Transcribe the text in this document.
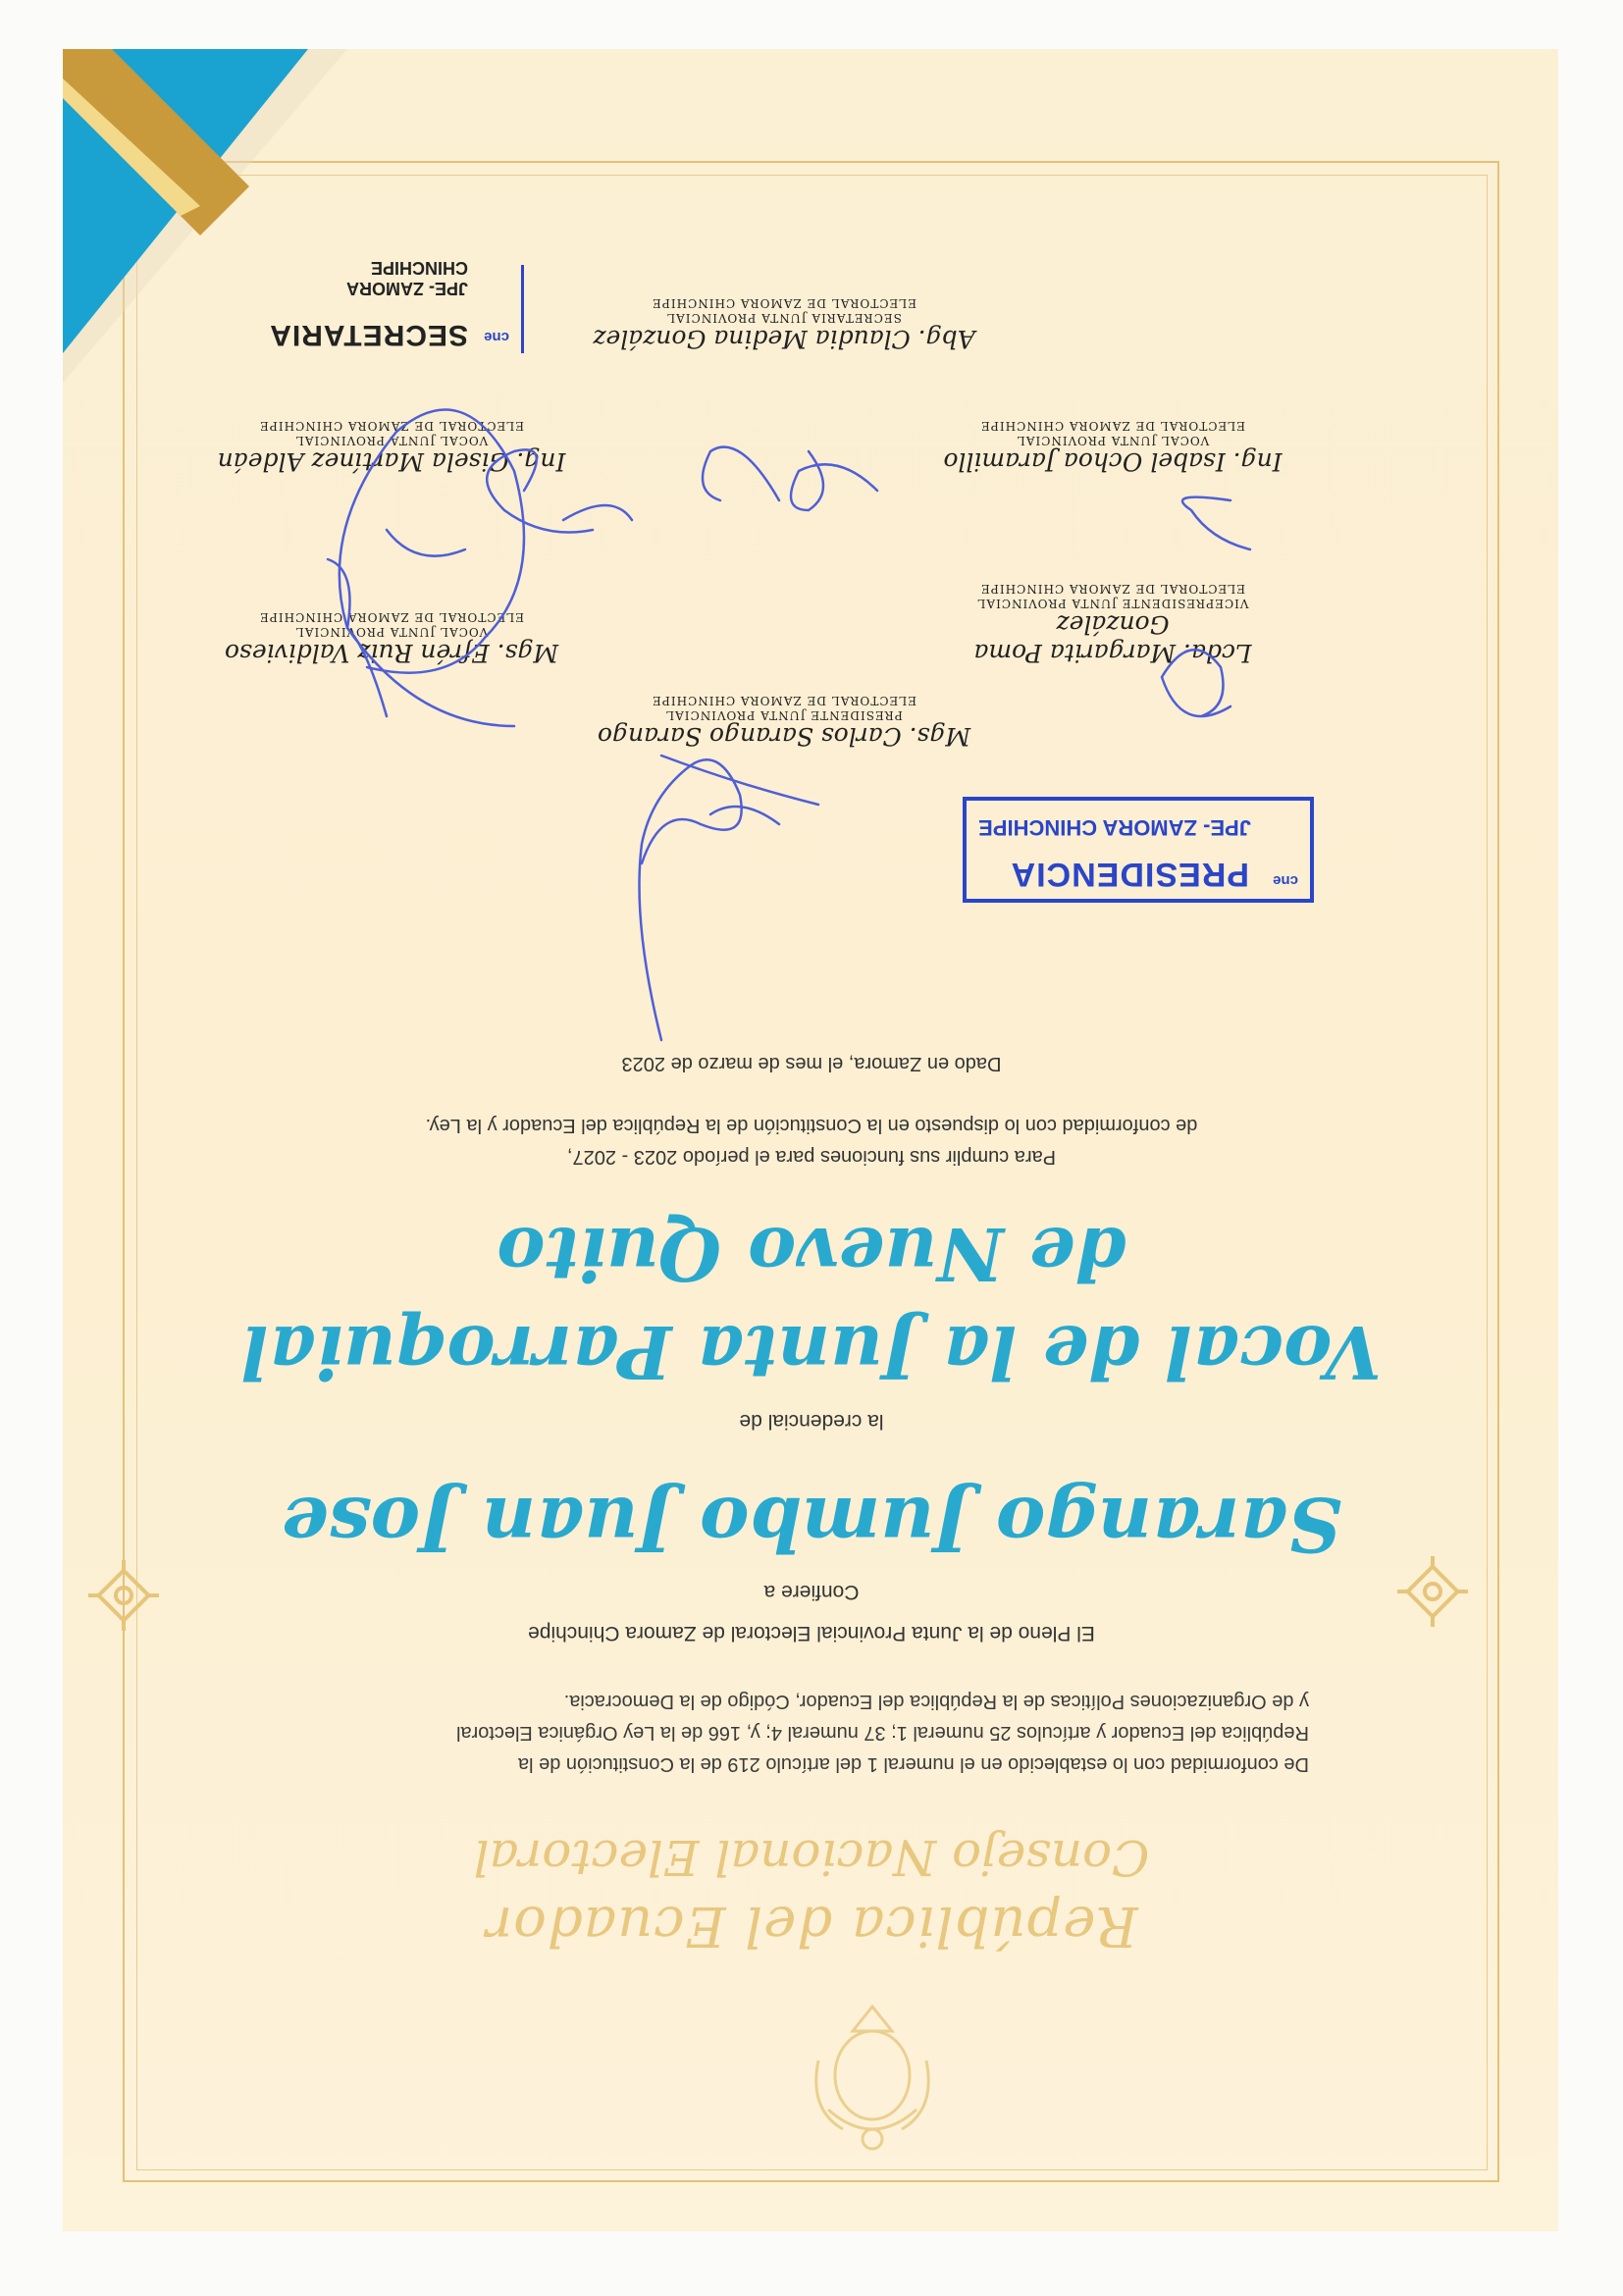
República del Ecuador
Consejo Nacional Electoral
De conformidad con lo establecido en el numeral 1 del artículo 219 de la Constitución de la República del Ecuador y artículos 25 numeral 1; 37 numeral 4; y, 166 de la Ley Orgánica Electoral y de Organizaciones Políticas de la República del Ecuador, Código de la Democracia.
El Pleno de la Junta Provincial Electoral de Zamora Chinchipe
Confiere a
Sarango Jumbo Juan Jose
la credencial de
Vocal de la Junta Parroquial
de Nuevo Quito
Para cumplir sus funciones para el período 2023 - 2027,
de conformidad con lo dispuesto en la Constitución de la República del Ecuador y la Ley.
Dado en Zamora, el mes de marzo de 2023
Mgs. Carlos Sarango Sarango
PRESIDENTE JUNTA PROVINCIAL
ELECTORAL DE ZAMORA CHINCHIPE
Lcda. Margarita Poma González
VICEPRESIDENTE JUNTA PROVINCIAL
ELECTORAL DE ZAMORA CHINCHIPE
Mgs. Efrén Ruiz Valdivieso
VOCAL JUNTA PROVINCIAL
ELECTORAL DE ZAMORA CHINCHIPE
Ing. Isabel Ochoa Jaramillo
VOCAL JUNTA PROVINCIAL
ELECTORAL DE ZAMORA CHINCHIPE
Ing. Gisela Martínez Aldeán
VOCAL JUNTA PROVINCIAL
ELECTORAL DE ZAMORA CHINCHIPE
Abg. Claudia Medina González
SECRETARIA JUNTA PROVINCIAL
ELECTORAL DE ZAMORA CHINCHIPE
cne
PRESIDENCIA
JPE- ZAMORA CHINCHIPE
cne
SECRETARIA
JPE- ZAMORA CHINCHIPE
